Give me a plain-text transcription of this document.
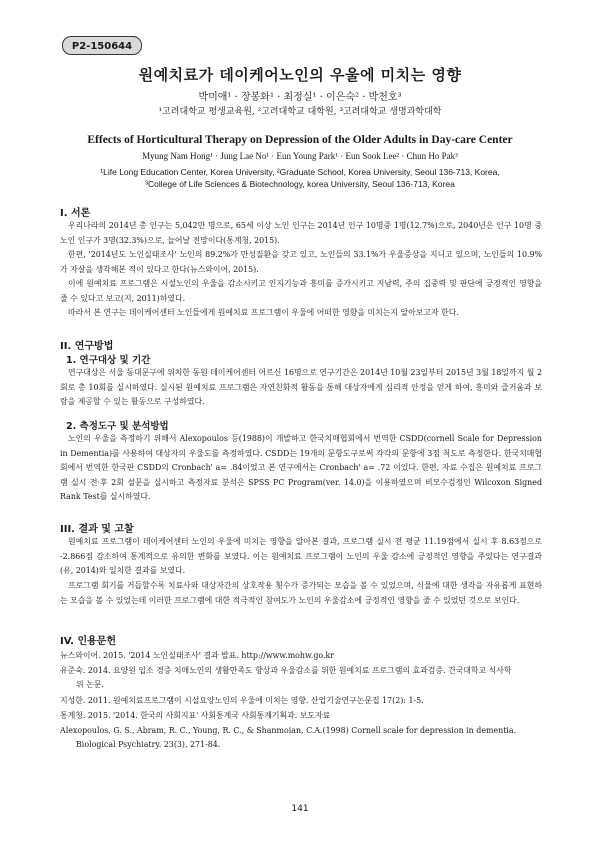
P2-150644
원예치료가 데이케어노인의 우울에 미치는 영향
박미애¹ · 장봉화¹ · 최정실¹ · 이은숙² · 박천호³
¹고려대학교 평생교육원, ²고려대학교 대학원, ³고려대학교 생명과학대학
Effects of Horticultural Therapy on Depression of the Older Adults in Day-care Center
Myung Nam Hong¹ · Jung Lae No¹ · Eun Young Park¹ · Eun Sook Lee² · Chun Ho Pak³
¹Life Long Education Center, Korea University, ²Graduate School, Korea University, Seoul 136-713, Korea,
³College of Life Sciences & Biotechnology, korea University, Seoul 136-713, Korea
I. 서론

우리나라의 2014년 총 인구는 5,042만 명으로, 65세 이상 노인 인구는 2014년 인구 10명중 1명(12.7%)으로, 2040년은 인구 10명 중 노인 인구가 3명(32.3%)으로, 늘어날 전망이다(통계청, 2015).

한편, '2014년도 노인실태조사' 노인의 89.2%가 만성질환을 갖고 있고, 노인들의 33.1%가 우울증상을 지니고 있으며, 노인들의 10.9%가 자살을 생각해본 적이 있다고 한다(뉴스와이어, 2015).

이에 원예치료 프로그램은 시설노인의 우울을 감소시키고 인지기능과 흥미를 증가시키고 지남력, 주의 집중력 및 판단에 긍정적인 영향을 줄 수 있다고 보고(지, 2011)하였다.

따라서 본 연구는 데이케어센터 노인들에게 원예치료 프로그램이 우울에 어떠한 영향을 미치는지 알아보고자 한다.

II. 연구방법
1. 연구대상 및 기간

연구대상은 서울 동대문구에 위치한 동원 데이케어센터 어르신 16명으로 연구기간은 2014년 10월 23일부터 2015년 3월 18일까지 월 2회로 총 10회를 실시하였다. 실시된 원예치료 프로그램은 자연친화적 활동을 통해 대상자에게 심리적 안정을 얻게 하여, 흥미와 즐거움과 보람을 제공할 수 있는 활동으로 구성하였다.

2. 측정도구 및 분석방법

노인의 우울을 측정하기 위해서 Alexopoulos 등(1988)이 개발하고 한국치매협회에서 번역한 CSDD(cornell Scale for Depression in Dementia)를 사용하여 대상자의 우울도를 측정하였다. CSDD는 19개의 문항도구로써 각각의 문항에 3점 척도로 측정한다. 한국치매협회에서 번역한 한국판 CSDD의 Cronbach' a= .84이었고 본 연구에서는 Cronbach' a= .72 이었다. 한편, 자료 수집은 원예치료 프로그램 실시 전·후 2회 설문을 실시하고 측정자료 분석은 SPSS PC Program(ver. 14.0)을 이용하였으며 비모수검정인 Wilcoxon Signed Rank Test를 실시하였다.

III. 결과 및 고찰

원예치료 프로그램이 데이케어센터 노인의 우울에 미치는 영향을 알아본 결과, 프로그램 실시 전 평균 11.19점에서 실시 후 8.63점으로 -2.866점 감소하여 통계적으로 유의한 변화를 보였다. 이는 원예치료 프로그램이 노인의 우울 감소에 긍정적인 영향을 주었다는 연구결과(유, 2014)와 일치한 결과를 보였다.

프로그램 회기를 거듭할수록 치료사와 대상자간의 상호작용 횟수가 증가되는 모습을 볼 수 있었으며, 식물에 대한 생각을 자유롭게 표현하는 모습을 볼 수 있었는데 이러한 프로그램에 대한 적극적인 참여도가 노인의 우울감소에 긍정적인 영향을 줄 수 있었던 것으로 보인다.

IV. 인용문헌
뉴스와이어. 2015. '2014 노인실태조사' 결과 발표. http://www.mohw.go.kr
유준숙. 2014. 요양원 입소 경증 치매노인의 생활만족도 향상과 우울감소를 위한 원예치료 프로그램의 효과검증. 건국대학교 석사학
위 논문.
지성한. 2011. 원예치료프로그램이 시설요양노인의 우울에 미치는 영향. 산업기술연구논문집 17(2): 1-5.
통계청. 2015. '2014. 한국의 사회지표' 사회통계국 사회통계기획과. 보도자료
Alexopoulos, G. S., Abram, R. C., Young, R. C., & Shanmoian, C.A.(1998) Cornell scale for depression in dementia.
Biological Psychiatry. 23(3), 271-84.
141
